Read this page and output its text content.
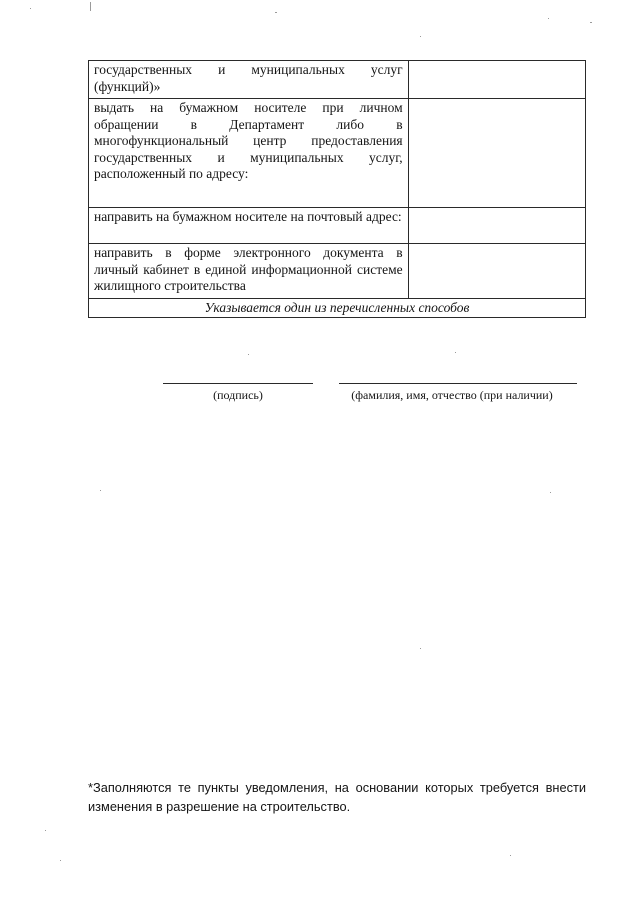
государственных и муниципальных услуг (функций)»	
выдать на бумажном носителе при личном обращении в Департамент либо в многофункциональный центр предоставления государственных и муниципальных услуг, расположенный по адресу:	
направить на бумажном носителе на почтовый адрес:	
направить в форме электронного документа в личный кабинет в единой информационной системе жилищного строительства	
Указывается один из перечисленных способов	
(подпись)	(фамилия, имя, отчество (при наличии)
*Заполняются те пункты уведомления, на основании которых требуется внести изменения в разрешение на строительство.
